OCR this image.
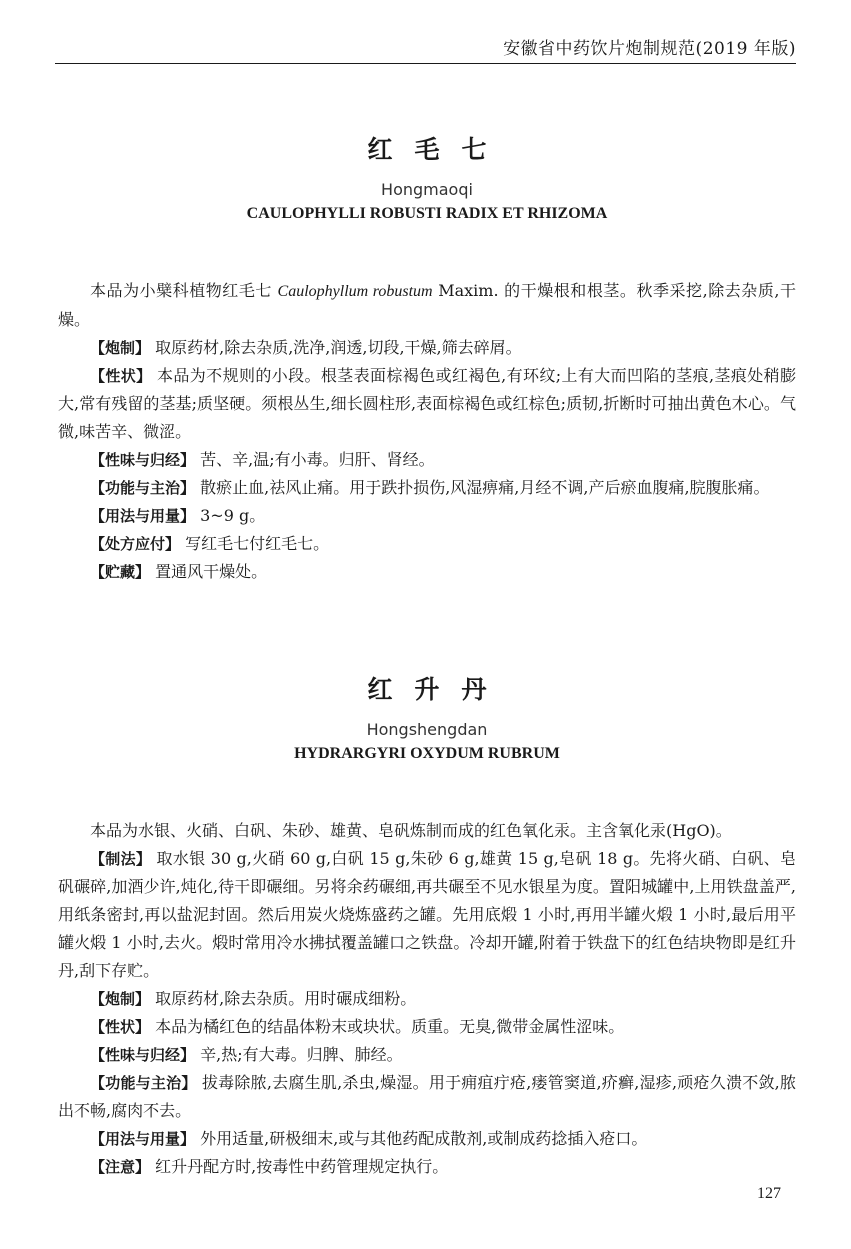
安徽省中药饮片炮制规范(2019 年版)
红毛七
Hongmaoqi
CAULOPHYLLI ROBUSTI RADIX ET RHIZOMA

本品为小檗科植物红毛七 Caulophyllum robustum Maxim. 的干燥根和根茎。秋季采挖,除去杂质,干燥。

【炮制】 取原药材,除去杂质,洗净,润透,切段,干燥,筛去碎屑。

【性状】 本品为不规则的小段。根茎表面棕褐色或红褐色,有环纹;上有大而凹陷的茎痕,茎痕处稍膨大,常有残留的茎基;质坚硬。须根丛生,细长圆柱形,表面棕褐色或红棕色;质韧,折断时可抽出黄色木心。气微,味苦辛、微涩。

【性味与归经】 苦、辛,温;有小毒。归肝、肾经。

【功能与主治】 散瘀止血,祛风止痛。用于跌扑损伤,风湿痹痛,月经不调,产后瘀血腹痛,脘腹胀痛。

【用法与用量】 3~9 g。

【处方应付】 写红毛七付红毛七。

【贮藏】 置通风干燥处。

红升丹
Hongshengdan
HYDRARGYRI OXYDUM RUBRUM

本品为水银、火硝、白矾、朱砂、雄黄、皂矾炼制而成的红色氧化汞。主含氧化汞(HgO)。

【制法】 取水银 30 g,火硝 60 g,白矾 15 g,朱砂 6 g,雄黄 15 g,皂矾 18 g。先将火硝、白矾、皂矾碾碎,加酒少许,炖化,待干即碾细。另将余药碾细,再共碾至不见水银星为度。置阳城罐中,上用铁盘盖严,用纸条密封,再以盐泥封固。然后用炭火烧炼盛药之罐。先用底煅 1 小时,再用半罐火煅 1 小时,最后用平罐火煅 1 小时,去火。煅时常用冷水拂拭覆盖罐口之铁盘。冷却开罐,附着于铁盘下的红色结块物即是红升丹,刮下存贮。

【炮制】 取原药材,除去杂质。用时碾成细粉。

【性状】 本品为橘红色的结晶体粉末或块状。质重。无臭,微带金属性涩味。

【性味与归经】 辛,热;有大毒。归脾、肺经。

【功能与主治】 拔毒除脓,去腐生肌,杀虫,燥湿。用于痈疽疔疮,瘘管窦道,疥癣,湿疹,顽疮久溃不敛,脓出不畅,腐肉不去。

【用法与用量】 外用适量,研极细末,或与其他药配成散剂,或制成药捻插入疮口。

【注意】 红升丹配方时,按毒性中药管理规定执行。

127
